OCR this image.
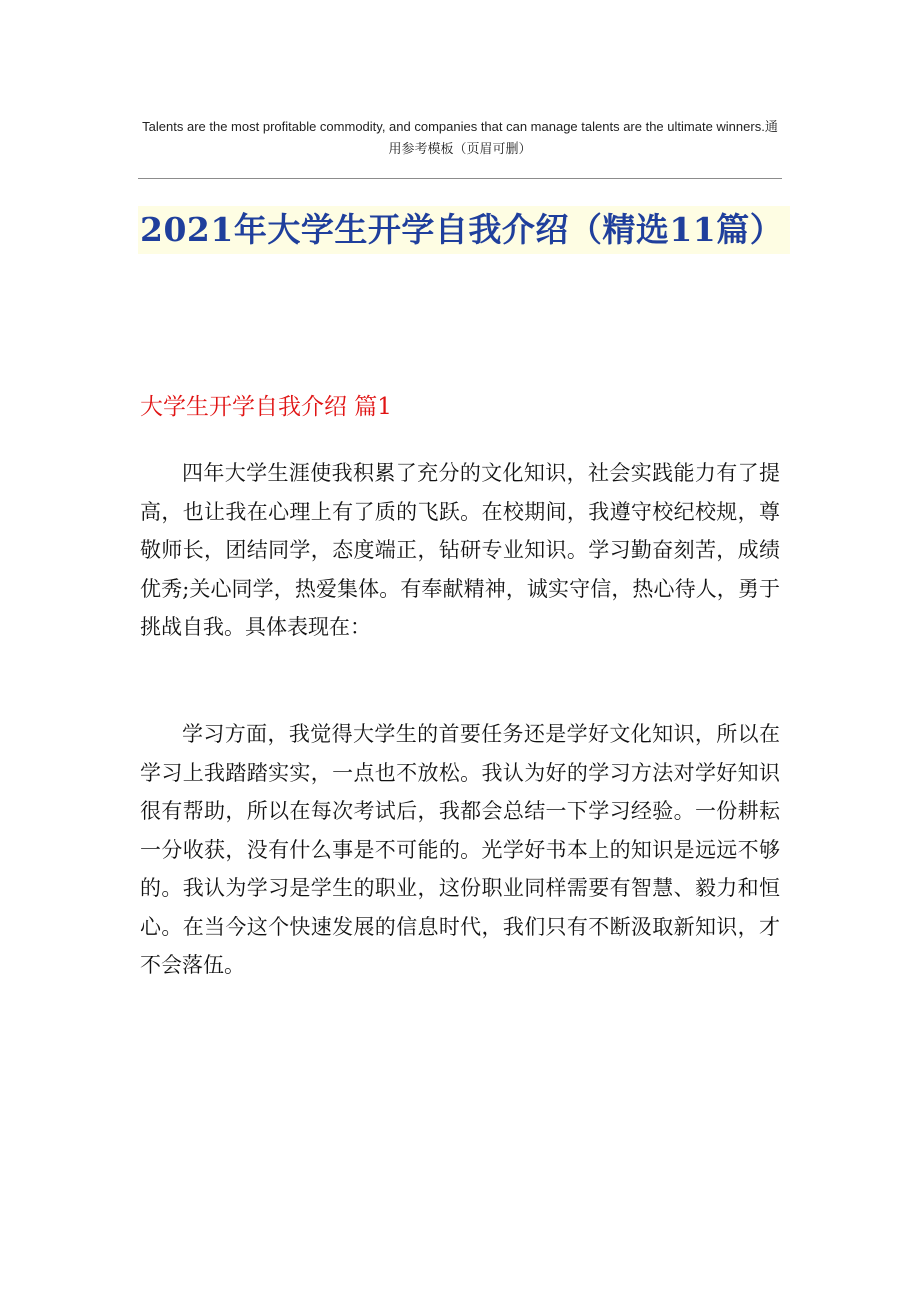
Talents are the most profitable commodity, and companies that can manage talents are the ultimate winners.通用参考模板（页眉可删）
2021年大学生开学自我介绍（精选11篇）
大学生开学自我介绍 篇1

四年大学生涯使我积累了充分的文化知识，社会实践能力有了提高，也让我在心理上有了质的飞跃。在校期间，我遵守校纪校规，尊敬师长，团结同学，态度端正，钻研专业知识。学习勤奋刻苦，成绩优秀;关心同学，热爱集体。有奉献精神，诚实守信，热心待人，勇于挑战自我。具体表现在：

学习方面，我觉得大学生的首要任务还是学好文化知识，所以在学习上我踏踏实实，一点也不放松。我认为好的学习方法对学好知识很有帮助，所以在每次考试后，我都会总结一下学习经验。一份耕耘一分收获，没有什么事是不可能的。光学好书本上的知识是远远不够的。我认为学习是学生的职业，这份职业同样需要有智慧、毅力和恒心。在当今这个快速发展的信息时代，我们只有不断汲取新知识，才不会落伍。
